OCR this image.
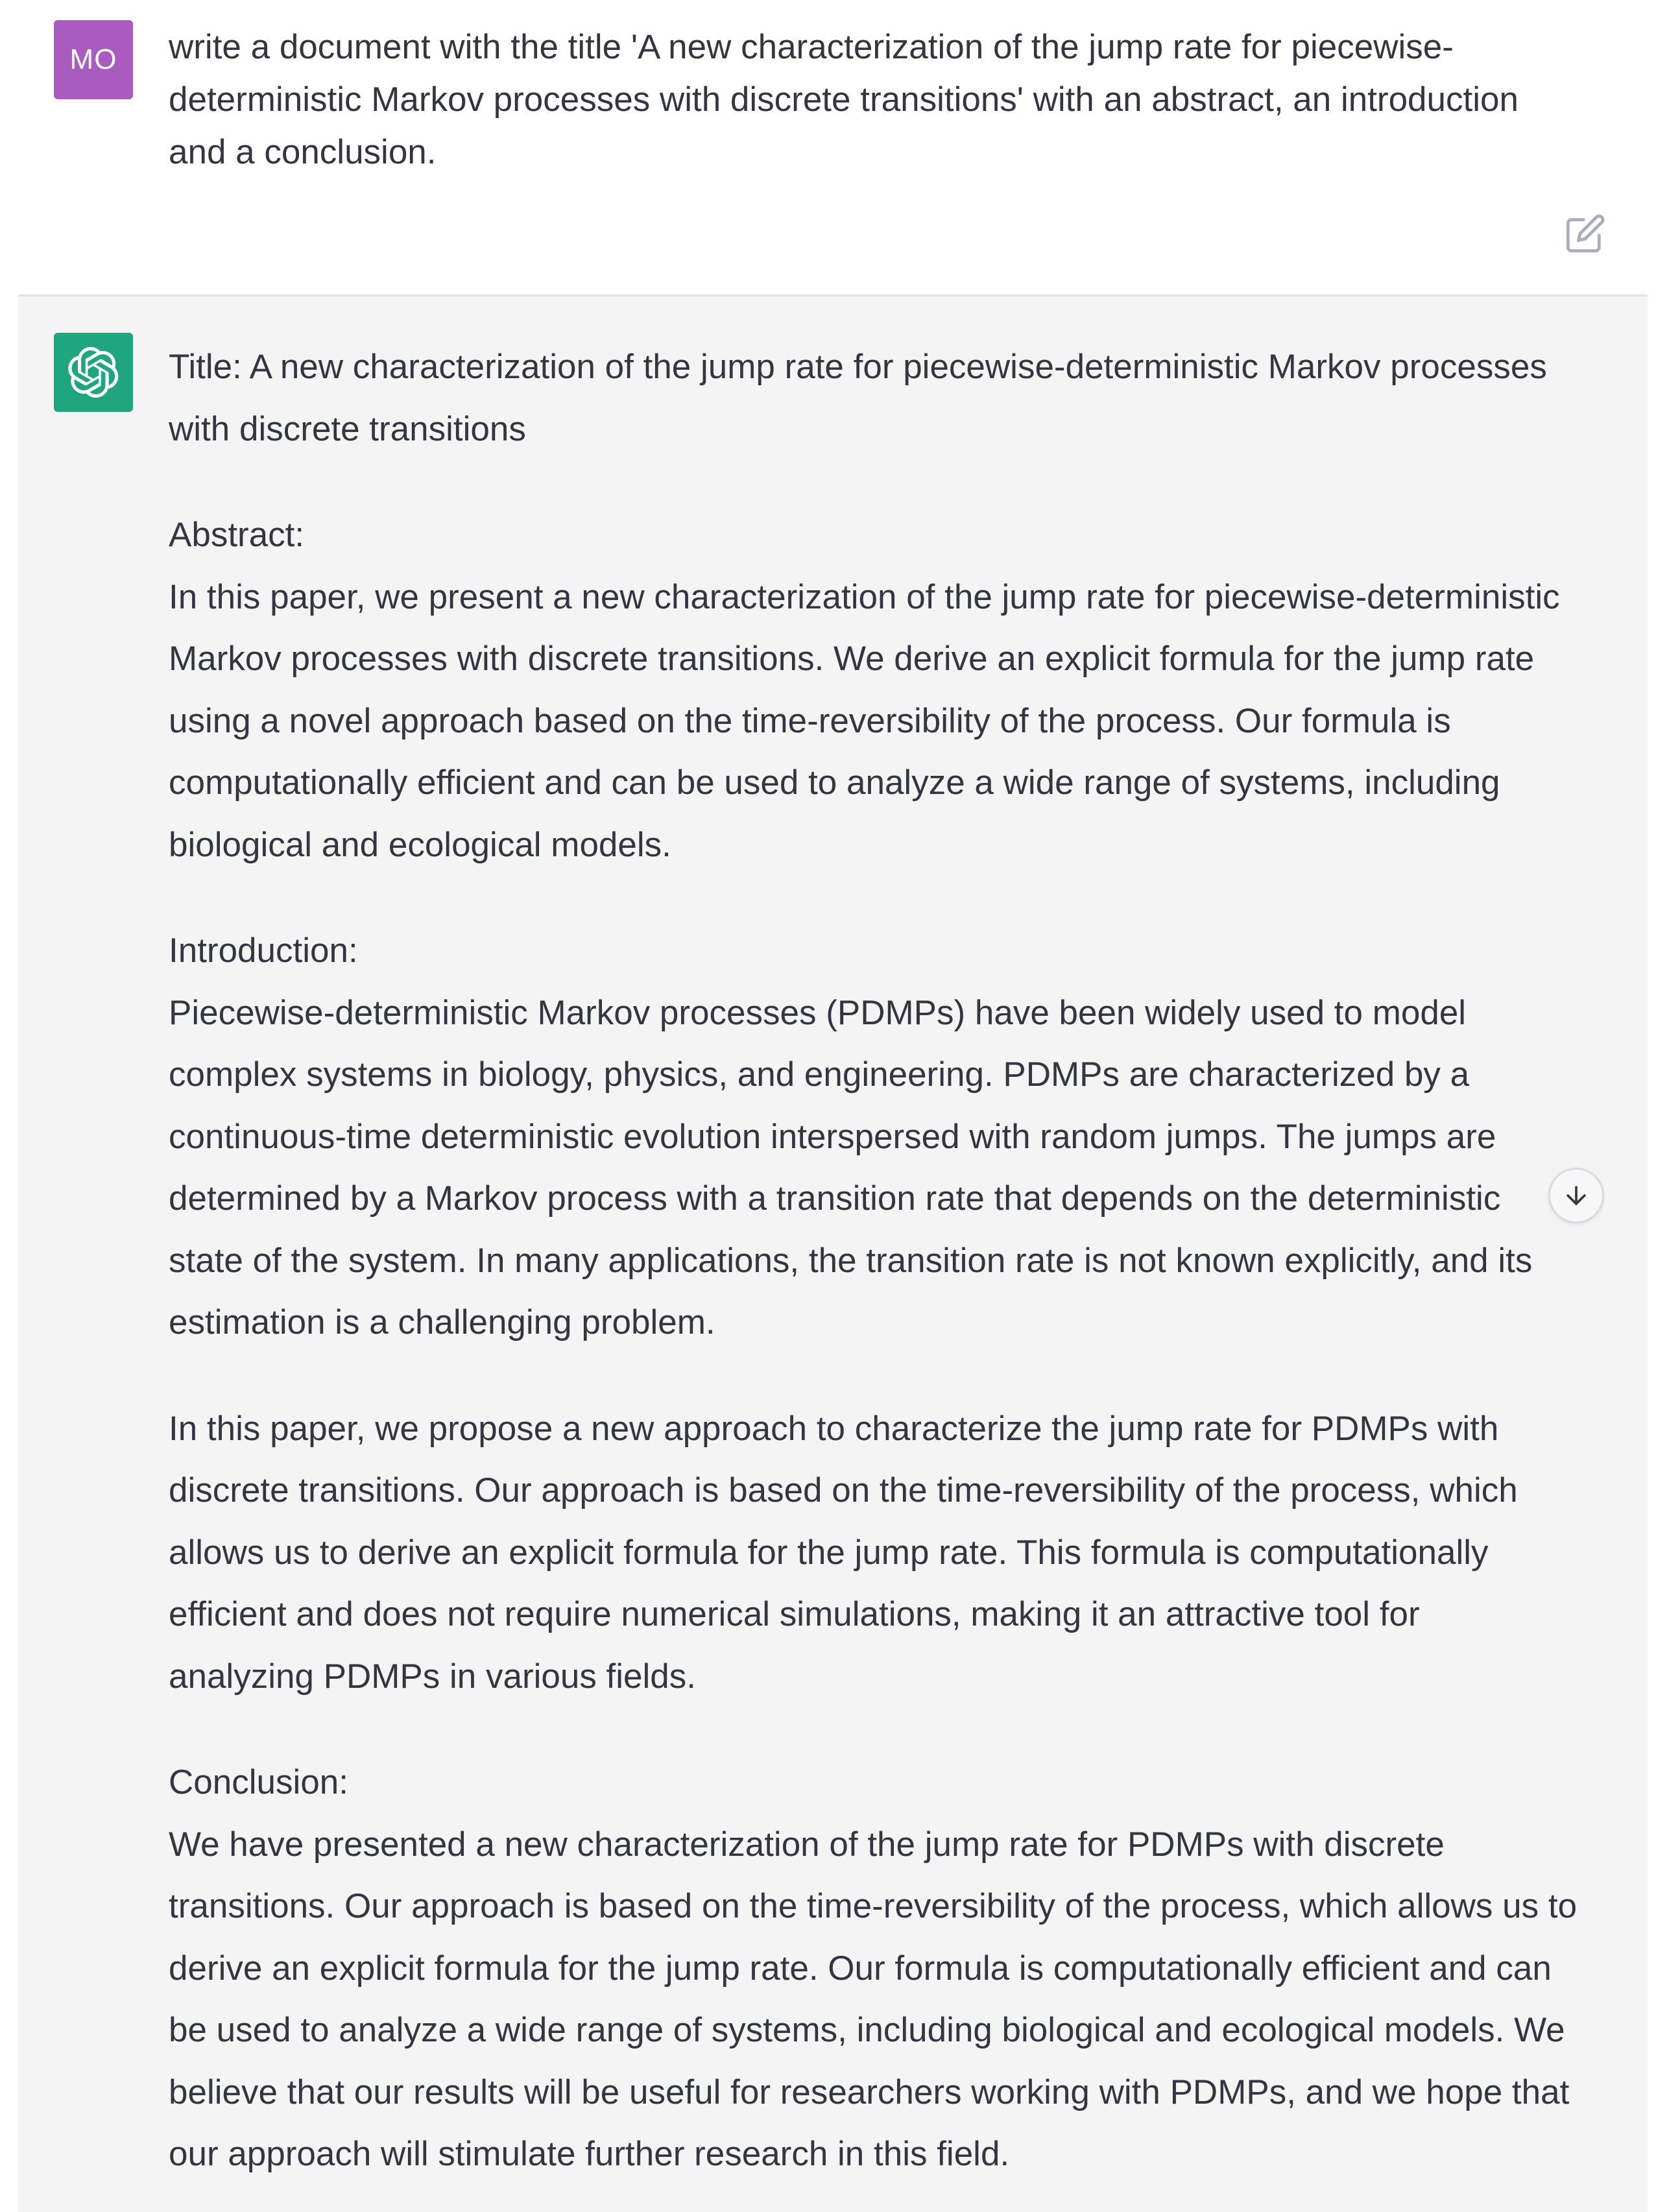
MO	write a document with the title 'A new characterization of the jump rate for piecewise-
deterministic Markov processes with discrete transitions' with an abstract, an introduction
and a conclusion.

Title: A new characterization of the jump rate for piecewise-deterministic Markov processes
with discrete transitions

Abstract:
In this paper, we present a new characterization of the jump rate for piecewise-deterministic
Markov processes with discrete transitions. We derive an explicit formula for the jump rate
using a novel approach based on the time-reversibility of the process. Our formula is
computationally efficient and can be used to analyze a wide range of systems, including
biological and ecological models.

Introduction:
Piecewise-deterministic Markov processes (PDMPs) have been widely used to model
complex systems in biology, physics, and engineering. PDMPs are characterized by a
continuous-time deterministic evolution interspersed with random jumps. The jumps are
determined by a Markov process with a transition rate that depends on the deterministic
state of the system. In many applications, the transition rate is not known explicitly, and its
estimation is a challenging problem.

In this paper, we propose a new approach to characterize the jump rate for PDMPs with
discrete transitions. Our approach is based on the time-reversibility of the process, which
allows us to derive an explicit formula for the jump rate. This formula is computationally
efficient and does not require numerical simulations, making it an attractive tool for
analyzing PDMPs in various fields.

Conclusion:
We have presented a new characterization of the jump rate for PDMPs with discrete
transitions. Our approach is based on the time-reversibility of the process, which allows us to
derive an explicit formula for the jump rate. Our formula is computationally efficient and can
be used to analyze a wide range of systems, including biological and ecological models. We
believe that our results will be useful for researchers working with PDMPs, and we hope that
our approach will stimulate further research in this field.
